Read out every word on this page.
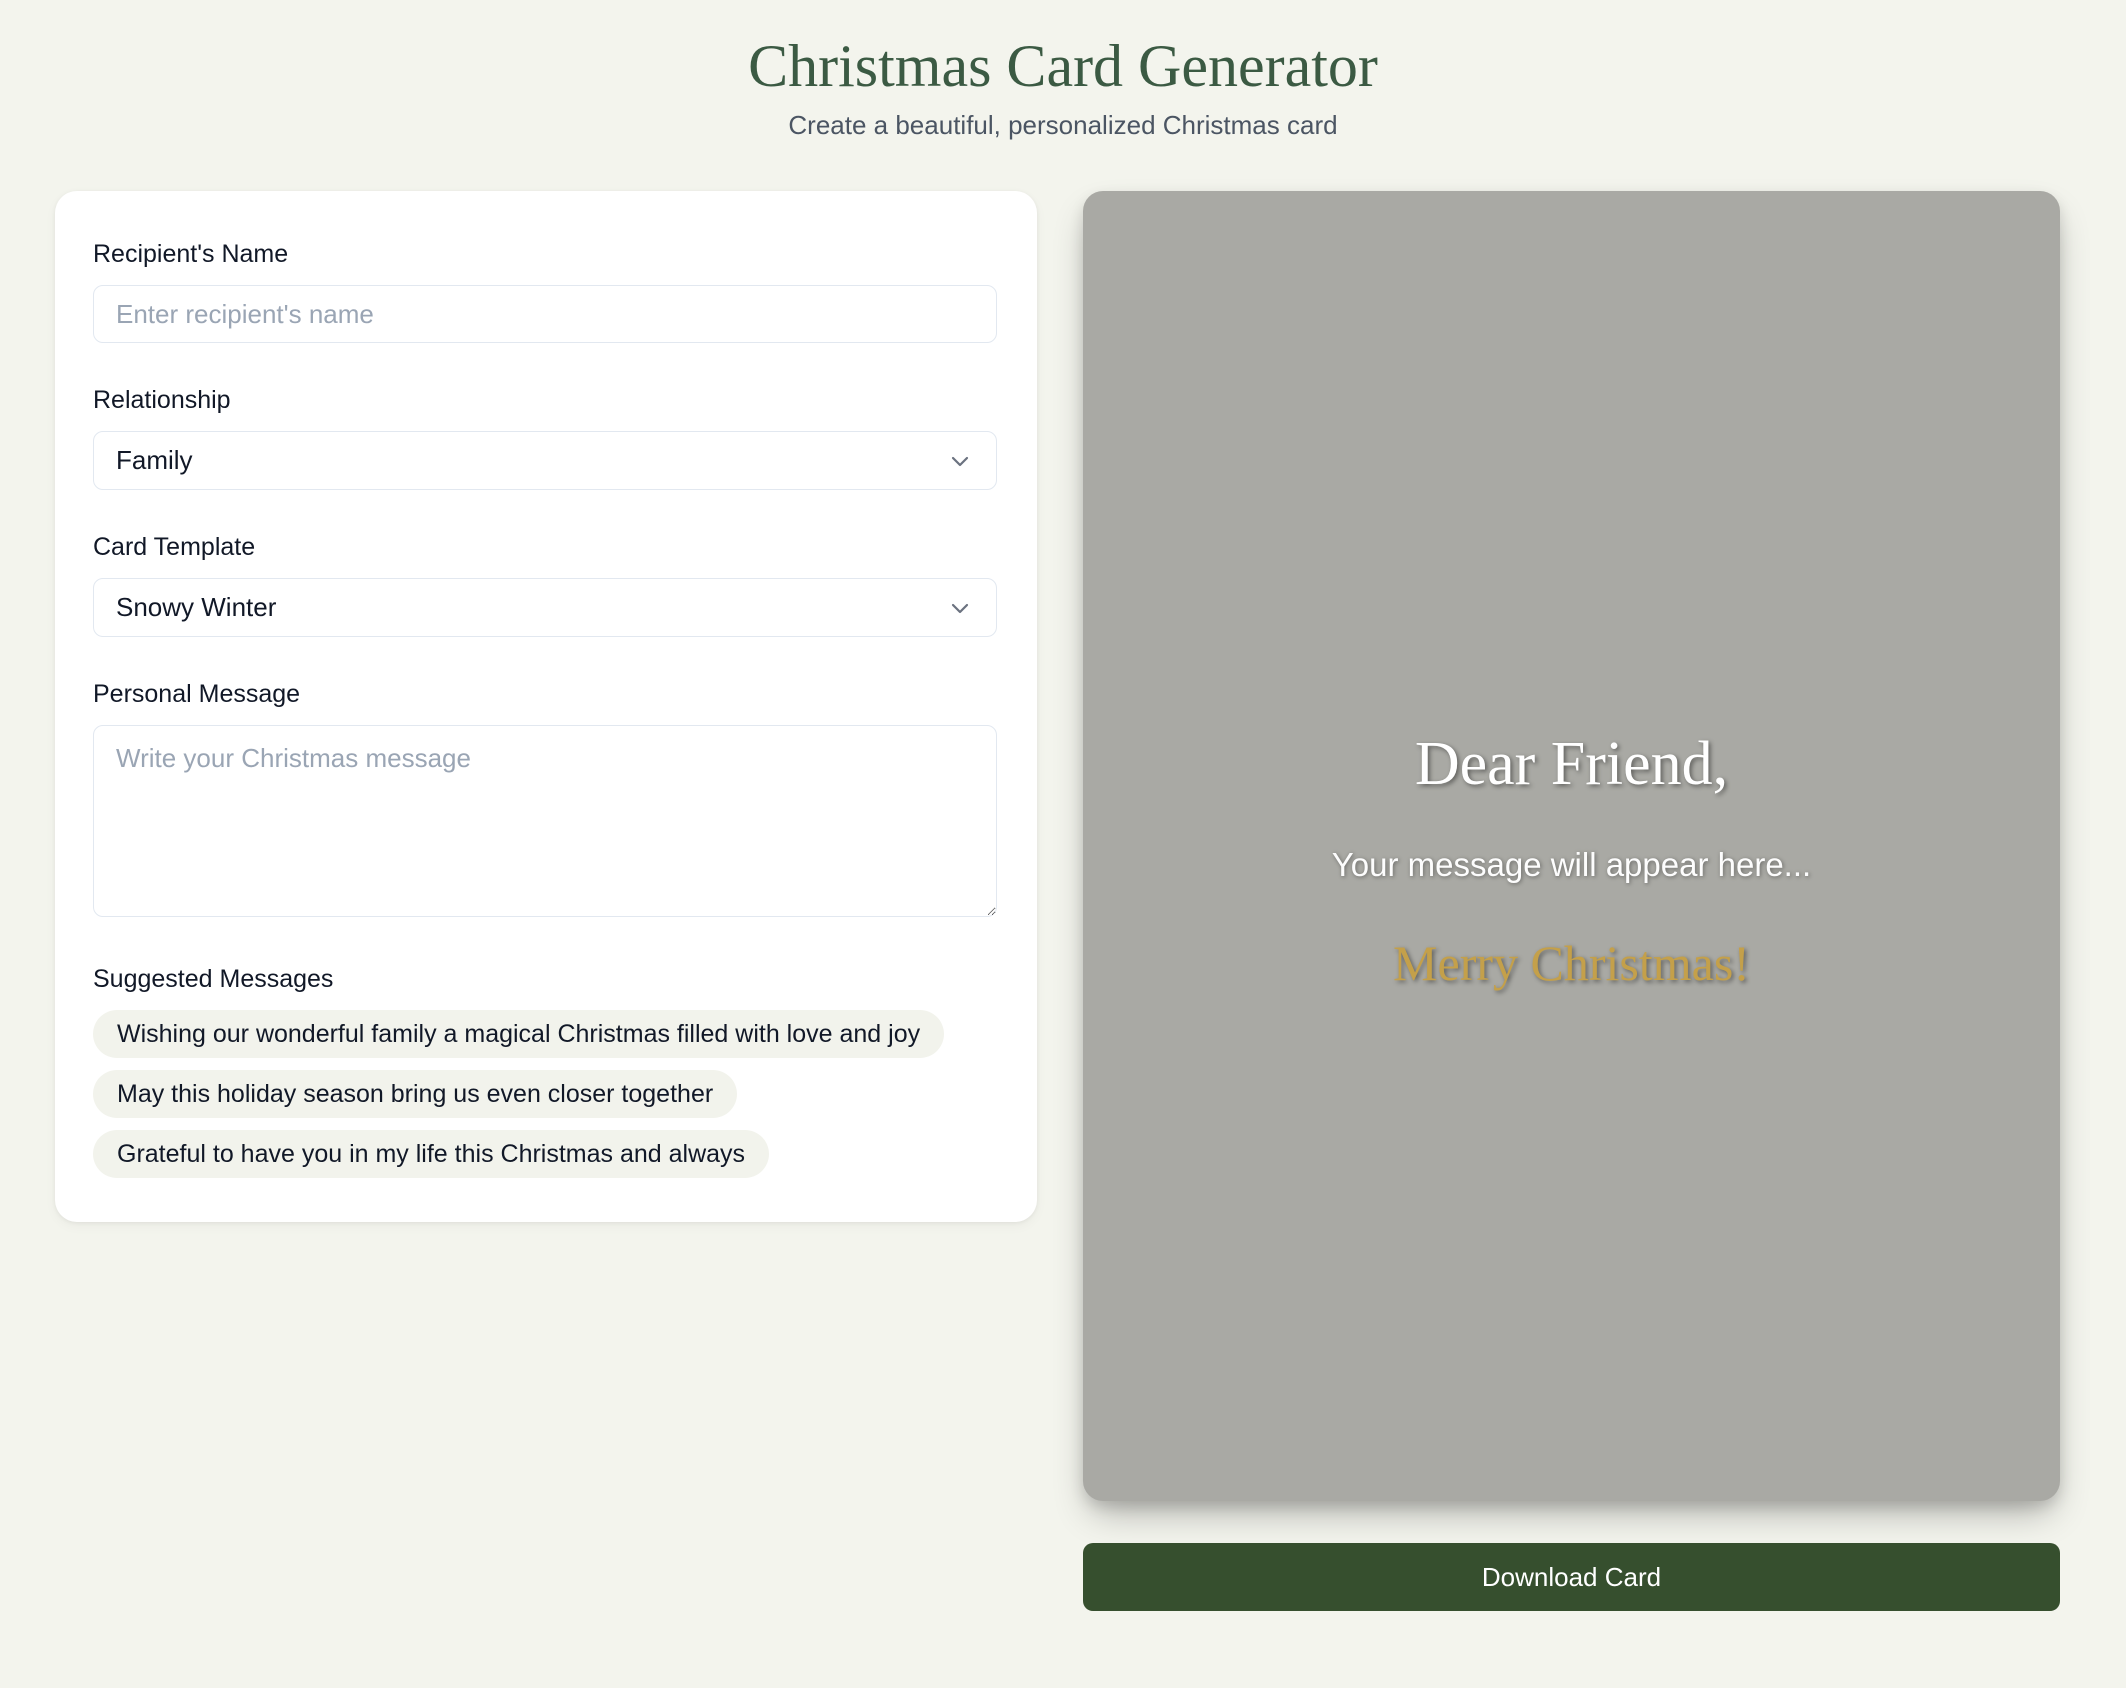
Christmas Card Generator
Create a beautiful, personalized Christmas card
Recipient's Name
Enter recipient's name
Relationship
Family
Card Template
Snowy Winter
Personal Message
Write your Christmas message
Suggested Messages
Wishing our wonderful family a magical Christmas filled with love and joy
May this holiday season bring us even closer together
Grateful to have you in my life this Christmas and always
Dear Friend,
Your message will appear here...
Merry Christmas!
Download Card
